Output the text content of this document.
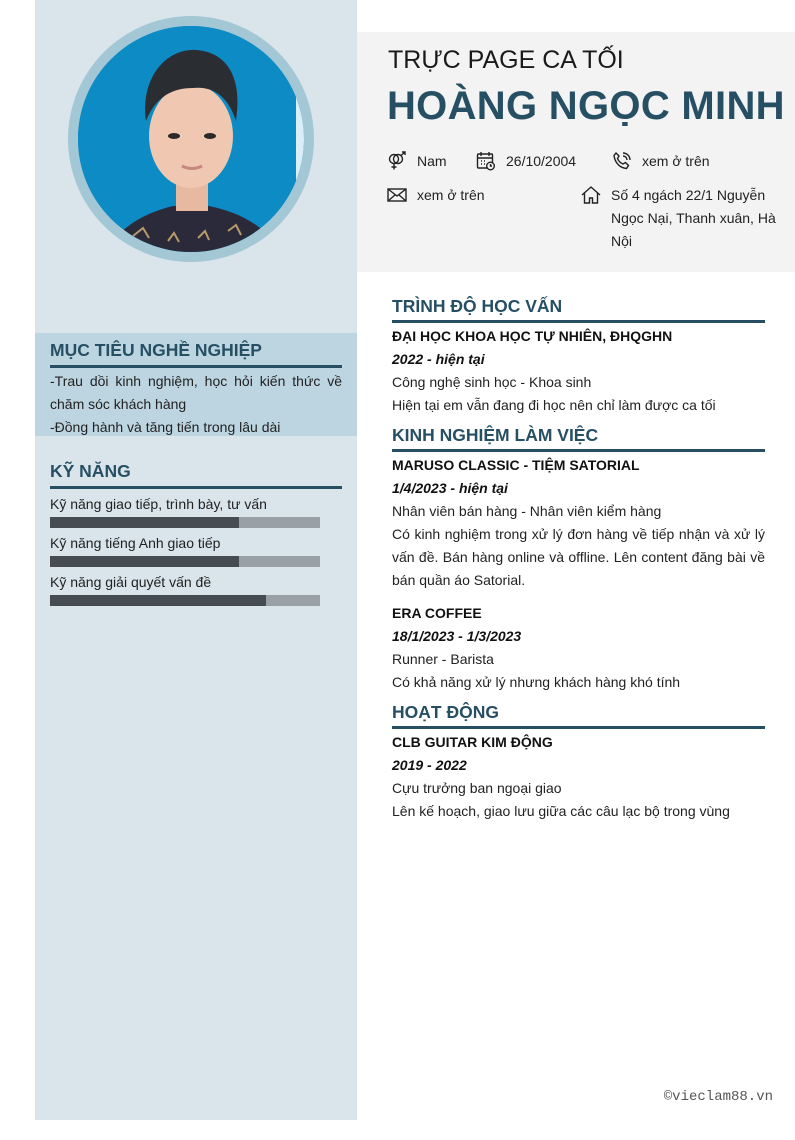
MỤC TIÊU NGHỀ NGHIỆP
-Trau dồi kinh nghiệm, học hỏi kiến thức về chăm sóc khách hàng
-Đồng hành và tăng tiến trong lâu dài
KỸ NĂNG
Kỹ năng giao tiếp, trình bày, tư vấn
Kỹ năng tiếng Anh giao tiếp
Kỹ năng giải quyết vấn đề
TRỰC PAGE CA TỐI
HOÀNG NGỌC MINH
Nam	26/10/2004	xem ở trên
xem ở trên	Số 4 ngách 22/1 Nguyễn Ngọc Nại, Thanh xuân, Hà Nội
TRÌNH ĐỘ HỌC VẤN
ĐẠI HỌC KHOA HỌC TỰ NHIÊN, ĐHQGHN
2022 - hiện tại
Công nghệ sinh học - Khoa sinh
Hiện tại em vẫn đang đi học nên chỉ làm được ca tối
KINH NGHIỆM LÀM VIỆC
MARUSO CLASSIC - TIỆM SATORIAL
1/4/2023 - hiện tại
Nhân viên bán hàng - Nhân viên kiểm hàng
Có kinh nghiệm trong xử lý đơn hàng về tiếp nhận và xử lý vấn đề. Bán hàng online và offline. Lên content đăng bài về bán quần áo Satorial.
ERA COFFEE
18/1/2023 - 1/3/2023
Runner - Barista
Có khả năng xử lý nhưng khách hàng khó tính
HOẠT ĐỘNG
CLB GUITAR KIM ĐỘNG
2019 - 2022
Cựu trưởng ban ngoại giao
Lên kế hoạch, giao lưu giữa các câu lạc bộ trong vùng
©vieclam88.vn
